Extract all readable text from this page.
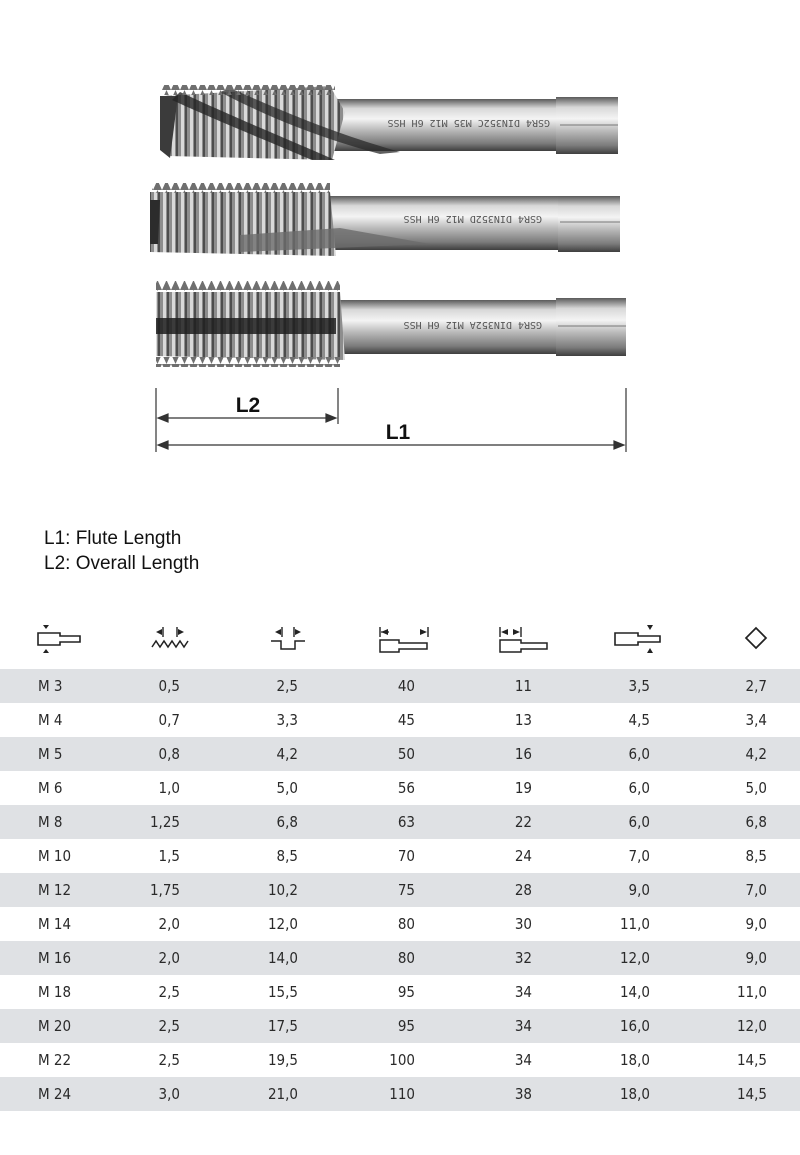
GSR4 DIN352C M35 M12 6H HSS
GSR4 DIN352D M12 6H HSS
GSR4 DIN352A M12 6H HSS
L2
L1
L1: Flute Length
L2: Overall Length
M 3	0,5	2,5	40	11	3,5	2,7
M 4	0,7	3,3	45	13	4,5	3,4
M 5	0,8	4,2	50	16	6,0	4,2
M 6	1,0	5,0	56	19	6,0	5,0
M 8	1,25	6,8	63	22	6,0	6,8
M 10	1,5	8,5	70	24	7,0	8,5
M 12	1,75	10,2	75	28	9,0	7,0
M 14	2,0	12,0	80	30	11,0	9,0
M 16	2,0	14,0	80	32	12,0	9,0
M 18	2,5	15,5	95	34	14,0	11,0
M 20	2,5	17,5	95	34	16,0	12,0
M 22	2,5	19,5	100	34	18,0	14,5
M 24	3,0	21,0	110	38	18,0	14,5
